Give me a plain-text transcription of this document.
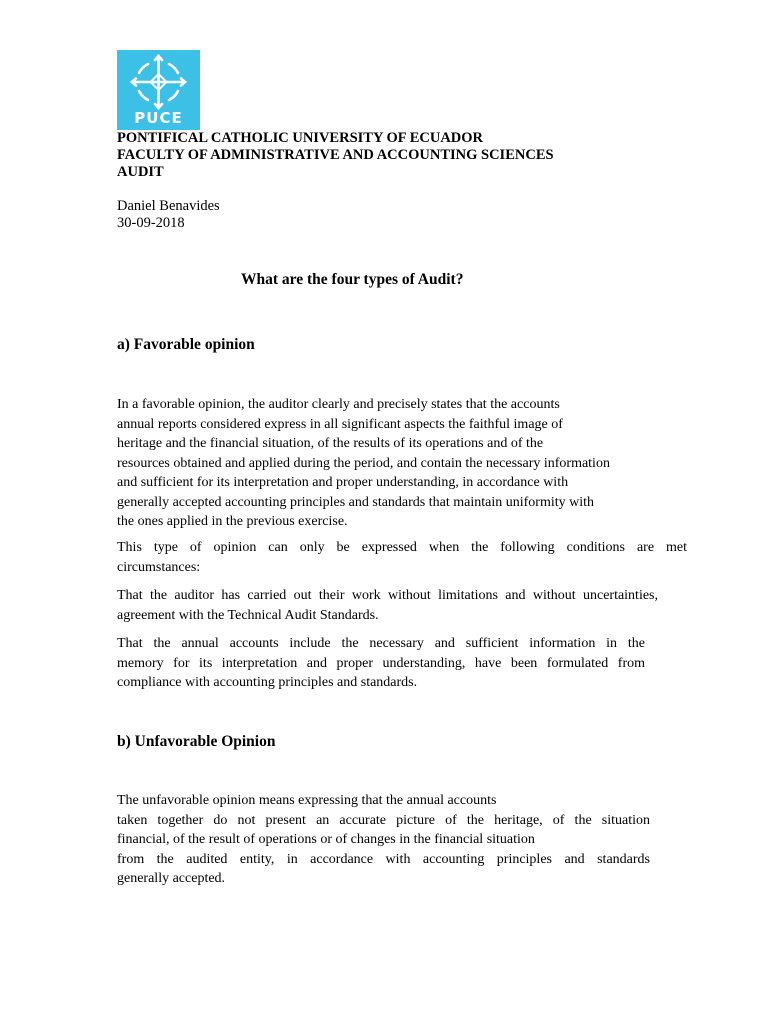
PUCE
PONTIFICAL CATHOLIC UNIVERSITY OF ECUADOR
FACULTY OF ADMINISTRATIVE AND ACCOUNTING SCIENCES
AUDIT
Daniel Benavides
30-09-2018
What are the four types of Audit?
a) Favorable opinion
In a favorable opinion, the auditor clearly and precisely states that the accounts
annual reports considered express in all significant aspects the faithful image of
heritage and the financial situation, of the results of its operations and of the
resources obtained and applied during the period, and contain the necessary information
and sufficient for its interpretation and proper understanding, in accordance with
generally accepted accounting principles and standards that maintain uniformity with
the ones applied in the previous exercise.
This type of opinion can only be expressed when the following conditions are met
circumstances:
That the auditor has carried out their work without limitations and without uncertainties,
agreement with the Technical Audit Standards.
That the annual accounts include the necessary and sufficient information in the
memory for its interpretation and proper understanding, have been formulated from
compliance with accounting principles and standards.
b) Unfavorable Opinion
The unfavorable opinion means expressing that the annual accounts
taken together do not present an accurate picture of the heritage, of the situation
financial, of the result of operations or of changes in the financial situation
from the audited entity, in accordance with accounting principles and standards
generally accepted.
